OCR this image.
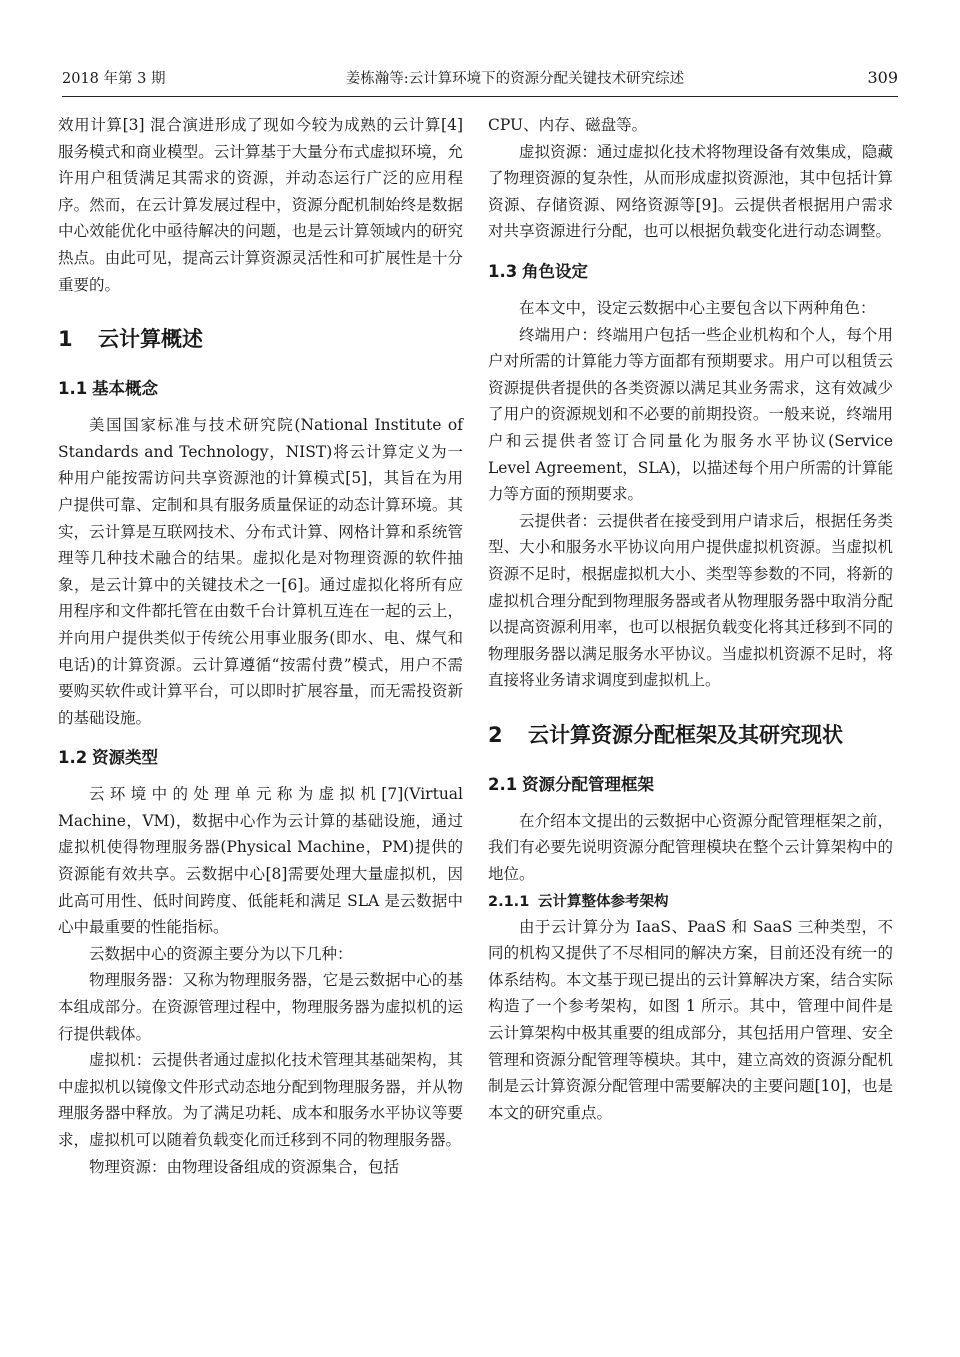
2018 年第 3 期	姜栋瀚等:云计算环境下的资源分配关键技术研究综述	309

效用计算[3] 混合演进形成了现如今较为成熟的云计算[4] 服务模式和商业模型。云计算基于大量分布式虚拟环境，允许用户租赁满足其需求的资源，并动态运行广泛的应用程序。然而，在云计算发展过程中，资源分配机制始终是数据中心效能优化中亟待解决的问题，也是云计算领域内的研究热点。由此可见，提高云计算资源灵活性和可扩展性是十分重要的。

1 云计算概述
1.1 基本概念

美国国家标准与技术研究院(National Institute of Standards and Technology，NIST)将云计算定义为一种用户能按需访问共享资源池的计算模式[5]，其旨在为用户提供可靠、定制和具有服务质量保证的动态计算环境。其实，云计算是互联网技术、分布式计算、网格计算和系统管理等几种技术融合的结果。虚拟化是对物理资源的软件抽象，是云计算中的关键技术之一[6]。通过虚拟化将所有应用程序和文件都托管在由数千台计算机互连在一起的云上，并向用户提供类似于传统公用事业服务(即水、电、煤气和电话)的计算资源。云计算遵循“按需付费”模式，用户不需要购买软件或计算平台，可以即时扩展容量，而无需投资新的基础设施。

1.2 资源类型

云环境中的处理单元称为虚拟机[7](Virtual Machine，VM)，数据中心作为云计算的基础设施，通过虚拟机使得物理服务器(Physical Machine，PM)提供的资源能有效共享。云数据中心[8]需要处理大量虚拟机，因此高可用性、低时间跨度、低能耗和满足 SLA 是云数据中心中最重要的性能指标。

云数据中心的资源主要分为以下几种：

物理服务器：又称为物理服务器，它是云数据中心的基本组成部分。在资源管理过程中，物理服务器为虚拟机的运行提供载体。

虚拟机：云提供者通过虚拟化技术管理其基础架构，其中虚拟机以镜像文件形式动态地分配到物理服务器，并从物理服务器中释放。为了满足功耗、成本和服务水平协议等要求，虚拟机可以随着负载变化而迁移到不同的物理服务器。

物理资源：由物理设备组成的资源集合，包括

CPU、内存、磁盘等。

虚拟资源：通过虚拟化技术将物理设备有效集成，隐藏了物理资源的复杂性，从而形成虚拟资源池，其中包括计算资源、存储资源、网络资源等[9]。云提供者根据用户需求对共享资源进行分配，也可以根据负载变化进行动态调整。

1.3 角色设定

在本文中，设定云数据中心主要包含以下两种角色：

终端用户：终端用户包括一些企业机构和个人，每个用户对所需的计算能力等方面都有预期要求。用户可以租赁云资源提供者提供的各类资源以满足其业务需求，这有效减少了用户的资源规划和不必要的前期投资。一般来说，终端用户和云提供者签订合同量化为服务水平协议(Service Level Agreement，SLA)，以描述每个用户所需的计算能力等方面的预期要求。

云提供者：云提供者在接受到用户请求后，根据任务类型、大小和服务水平协议向用户提供虚拟机资源。当虚拟机资源不足时，根据虚拟机大小、类型等参数的不同，将新的虚拟机合理分配到物理服务器或者从物理服务器中取消分配以提高资源利用率，也可以根据负载变化将其迁移到不同的物理服务器以满足服务水平协议。当虚拟机资源不足时，将直接将业务请求调度到虚拟机上。

2 云计算资源分配框架及其研究现状
2.1 资源分配管理框架

在介绍本文提出的云数据中心资源分配管理框架之前，我们有必要先说明资源分配管理模块在整个云计算架构中的地位。

2.1.1 云计算整体参考架构

由于云计算分为 IaaS、PaaS 和 SaaS 三种类型，不同的机构又提供了不尽相同的解决方案，目前还没有统一的体系结构。本文基于现已提出的云计算解决方案，结合实际构造了一个参考架构，如图 1 所示。其中，管理中间件是云计算架构中极其重要的组成部分，其包括用户管理、安全管理和资源分配管理等模块。其中，建立高效的资源分配机制是云计算资源分配管理中需要解决的主要问题[10]，也是本文的研究重点。
